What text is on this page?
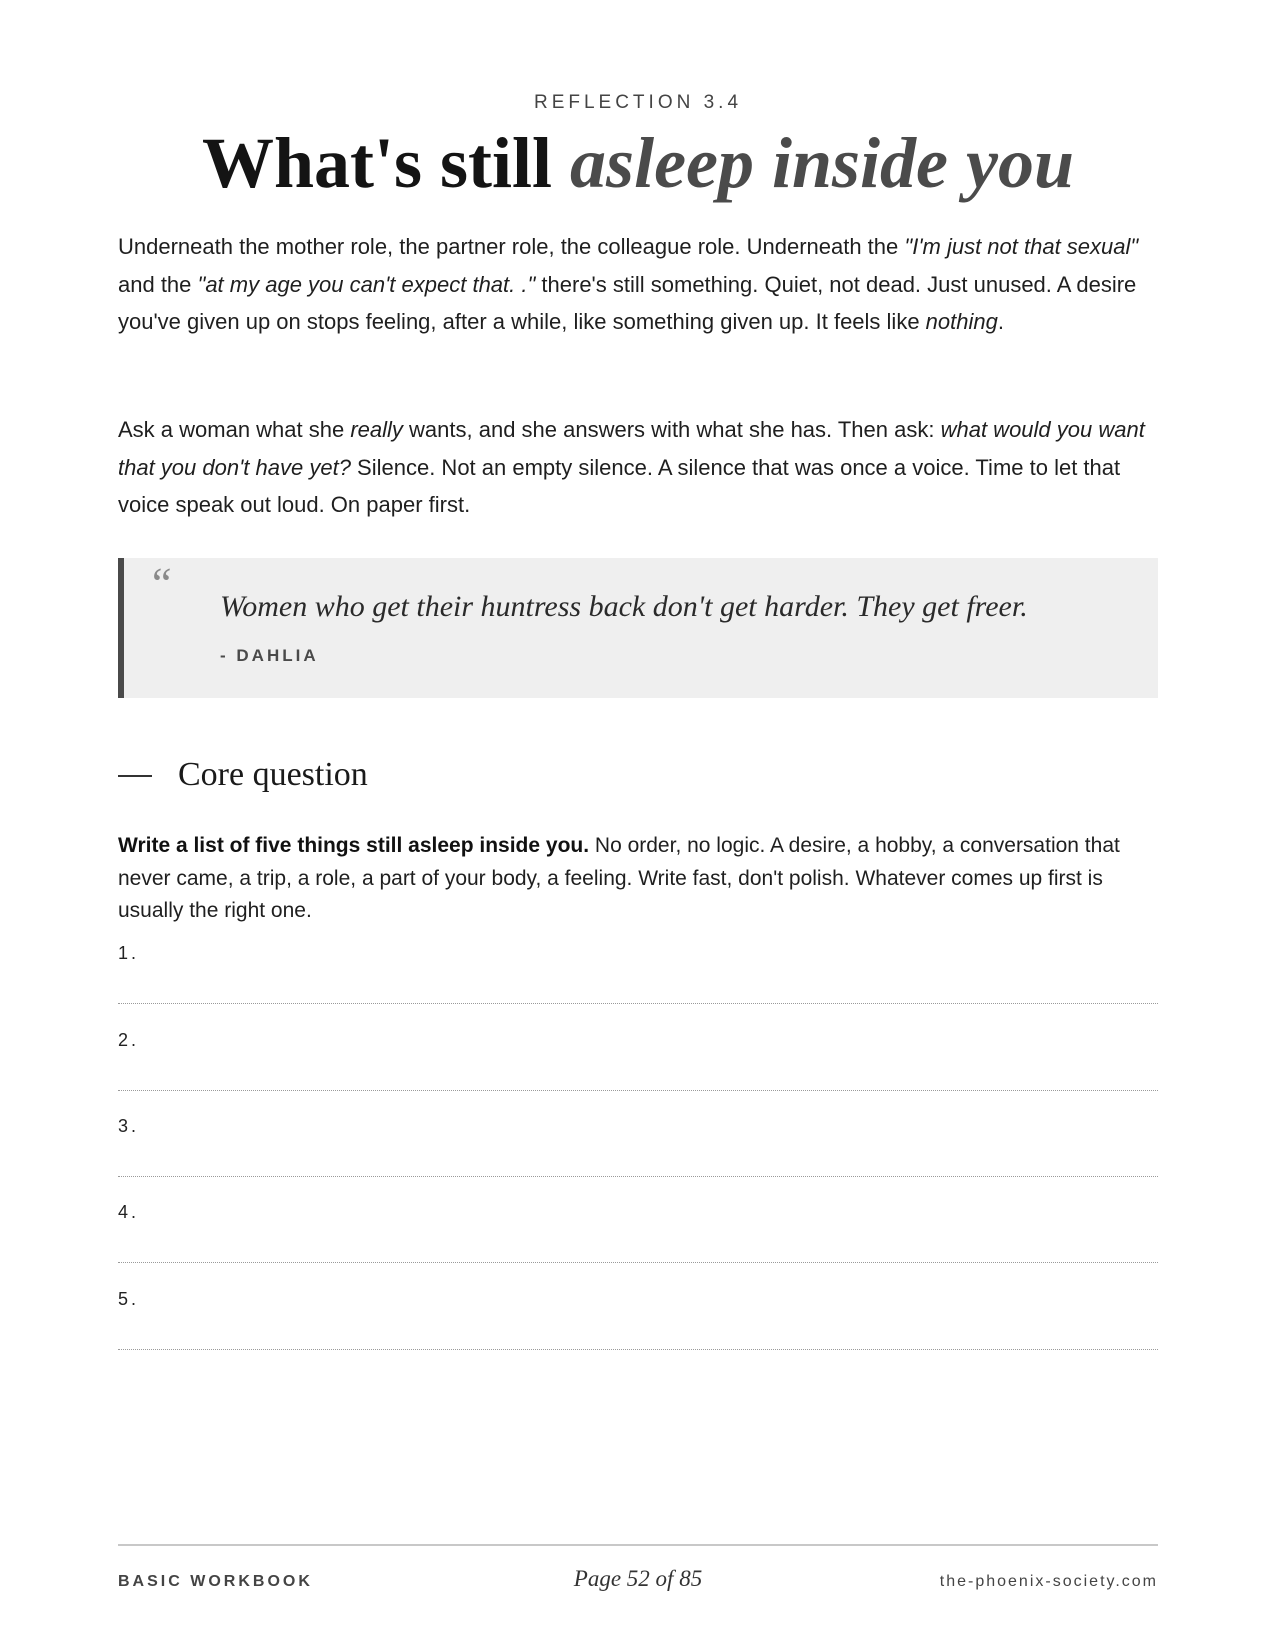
REFLECTION 3.4
What's still asleep inside you

Underneath the mother role, the partner role, the colleague role. Underneath the "I'm just not that sexual" and the "at my age you can't expect that. ." there's still something. Quiet, not dead. Just unused. A desire you've given up on stops feeling, after a while, like something given up. It feels like nothing.

Ask a woman what she really wants, and she answers with what she has. Then ask: what would you want that you don't have yet? Silence. Not an empty silence. A silence that was once a voice. Time to let that voice speak out loud. On paper first.

“ Women who get their huntress back don't get harder. They get freer.
- DAHLIA
Core question

Write a list of five things still asleep inside you. No order, no logic. A desire, a hobby, a conversation that never came, a trip, a role, a part of your body, a feeling. Write fast, don't polish. Whatever comes up first is usually the right one.

1.
2.
3.
4.
5.
BASIC WORKBOOK	Page 52 of 85	the-phoenix-society.com
